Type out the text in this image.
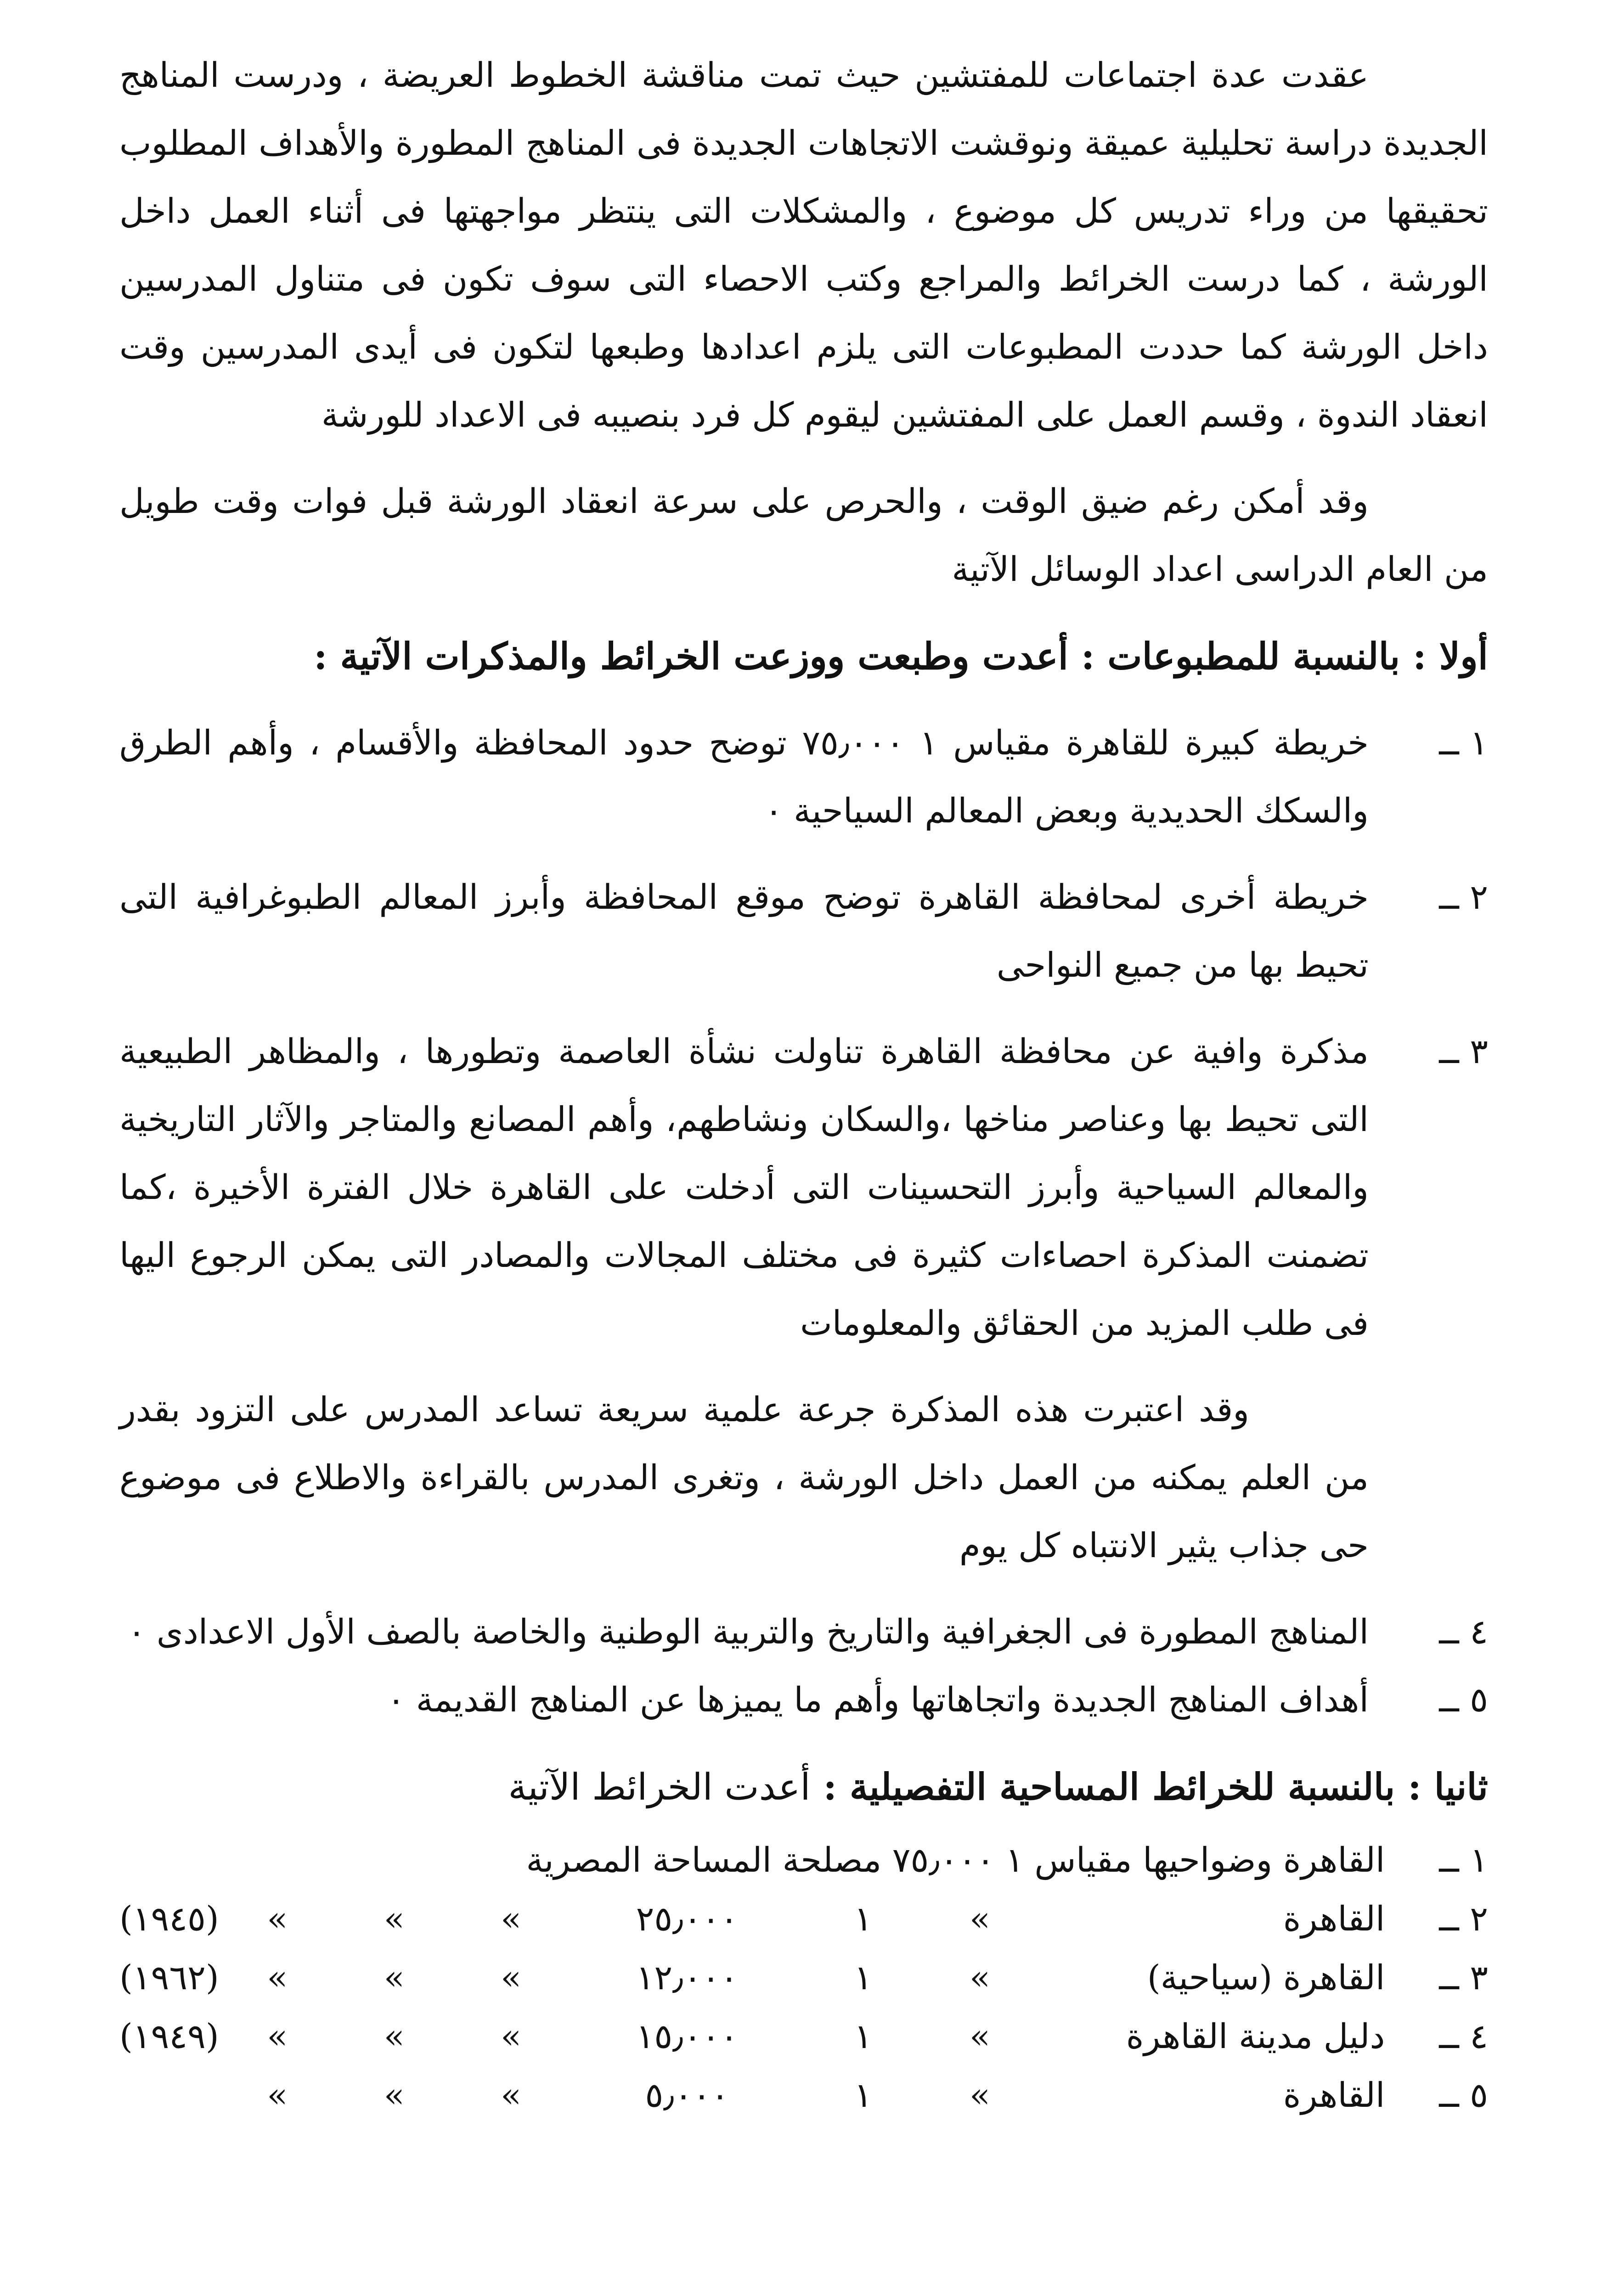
عقدت عدة اجتماعات للمفتشين حيث تمت مناقشة الخطوط العريضة ، ودرست المناهج الجديدة دراسة تحليلية عميقة ونوقشت الاتجاهات الجديدة فى المناهج المطورة والأهداف المطلوب تحقيقها من وراء تدريس كل موضوع ، والمشكلات التى ينتظر مواجهتها فى أثناء العمل داخل الورشة ، كما درست الخرائط والمراجع وكتب الاحصاء التى سوف تكون فى متناول المدرسين داخل الورشة كما حددت المطبوعات التى يلزم اعدادها وطبعها لتكون فى أيدى المدرسين وقت انعقاد الندوة ، وقسم العمل على المفتشين ليقوم كل فرد بنصيبه فى الاعداد للورشة

وقد أمكن رغم ضيق الوقت ، والحرص على سرعة انعقاد الورشة قبل فوات وقت طويل من العام الدراسى اعداد الوسائل الآتية

أولا : بالنسبة للمطبوعات : أعدت وطبعت ووزعت الخرائط والمذكرات الآتية :

١ ــ
خريطة كبيرة للقاهرة مقياس ١ ٧٥٫٠٠٠ توضح حدود المحافظة والأقسام ، وأهم الطرق والسكك الحديدية وبعض المعالم السياحية ٠
٢ ــ
خريطة أخرى لمحافظة القاهرة توضح موقع المحافظة وأبرز المعالم الطبوغرافية التى تحيط بها من جميع النواحى
٣ ــ
مذكرة وافية عن محافظة القاهرة تناولت نشأة العاصمة وتطورها ، والمظاهر الطبيعية التى تحيط بها وعناصر مناخها ،والسكان ونشاطهم، وأهم المصانع والمتاجر والآثار التاريخية والمعالم السياحية وأبرز التحسينات التى أدخلت على القاهرة خلال الفترة الأخيرة ،كما تضمنت المذكرة احصاءات كثيرة فى مختلف المجالات والمصادر التى يمكن الرجوع اليها فى طلب المزيد من الحقائق والمعلومات

وقد اعتبرت هذه المذكرة جرعة علمية سريعة تساعد المدرس على التزود بقدر من العلم يمكنه من العمل داخل الورشة ، وتغرى المدرس بالقراءة والاطلاع فى موضوع حى جذاب يثير الانتباه كل يوم

٤ ــ
المناهج المطورة فى الجغرافية والتاريخ والتربية الوطنية والخاصة بالصف الأول الاعدادى ٠
٥ ــ
أهداف المناهج الجديدة واتجاهاتها وأهم ما يميزها عن المناهج القديمة ٠

ثانيا : بالنسبة للخرائط المساحية التفصيلية : أعدت الخرائط الآتية

١ ــ	القاهرة وضواحيها مقياس ١ ٧٥٫٠٠٠ مصلحة المساحة المصرية							
٢ ــ	القاهرة	»	١	٢٥٫٠٠٠	»	»	»	(١٩٤٥)
٣ ــ	القاهرة (سياحية)	»	١	١٢٫٠٠٠	»	»	»	(١٩٦٢)
٤ ــ	دليل مدينة القاهرة	»	١	١٥٫٠٠٠	»	»	»	(١٩٤٩)
٥ ــ	القاهرة	»	١	٥٫٠٠٠	»	»	»	
